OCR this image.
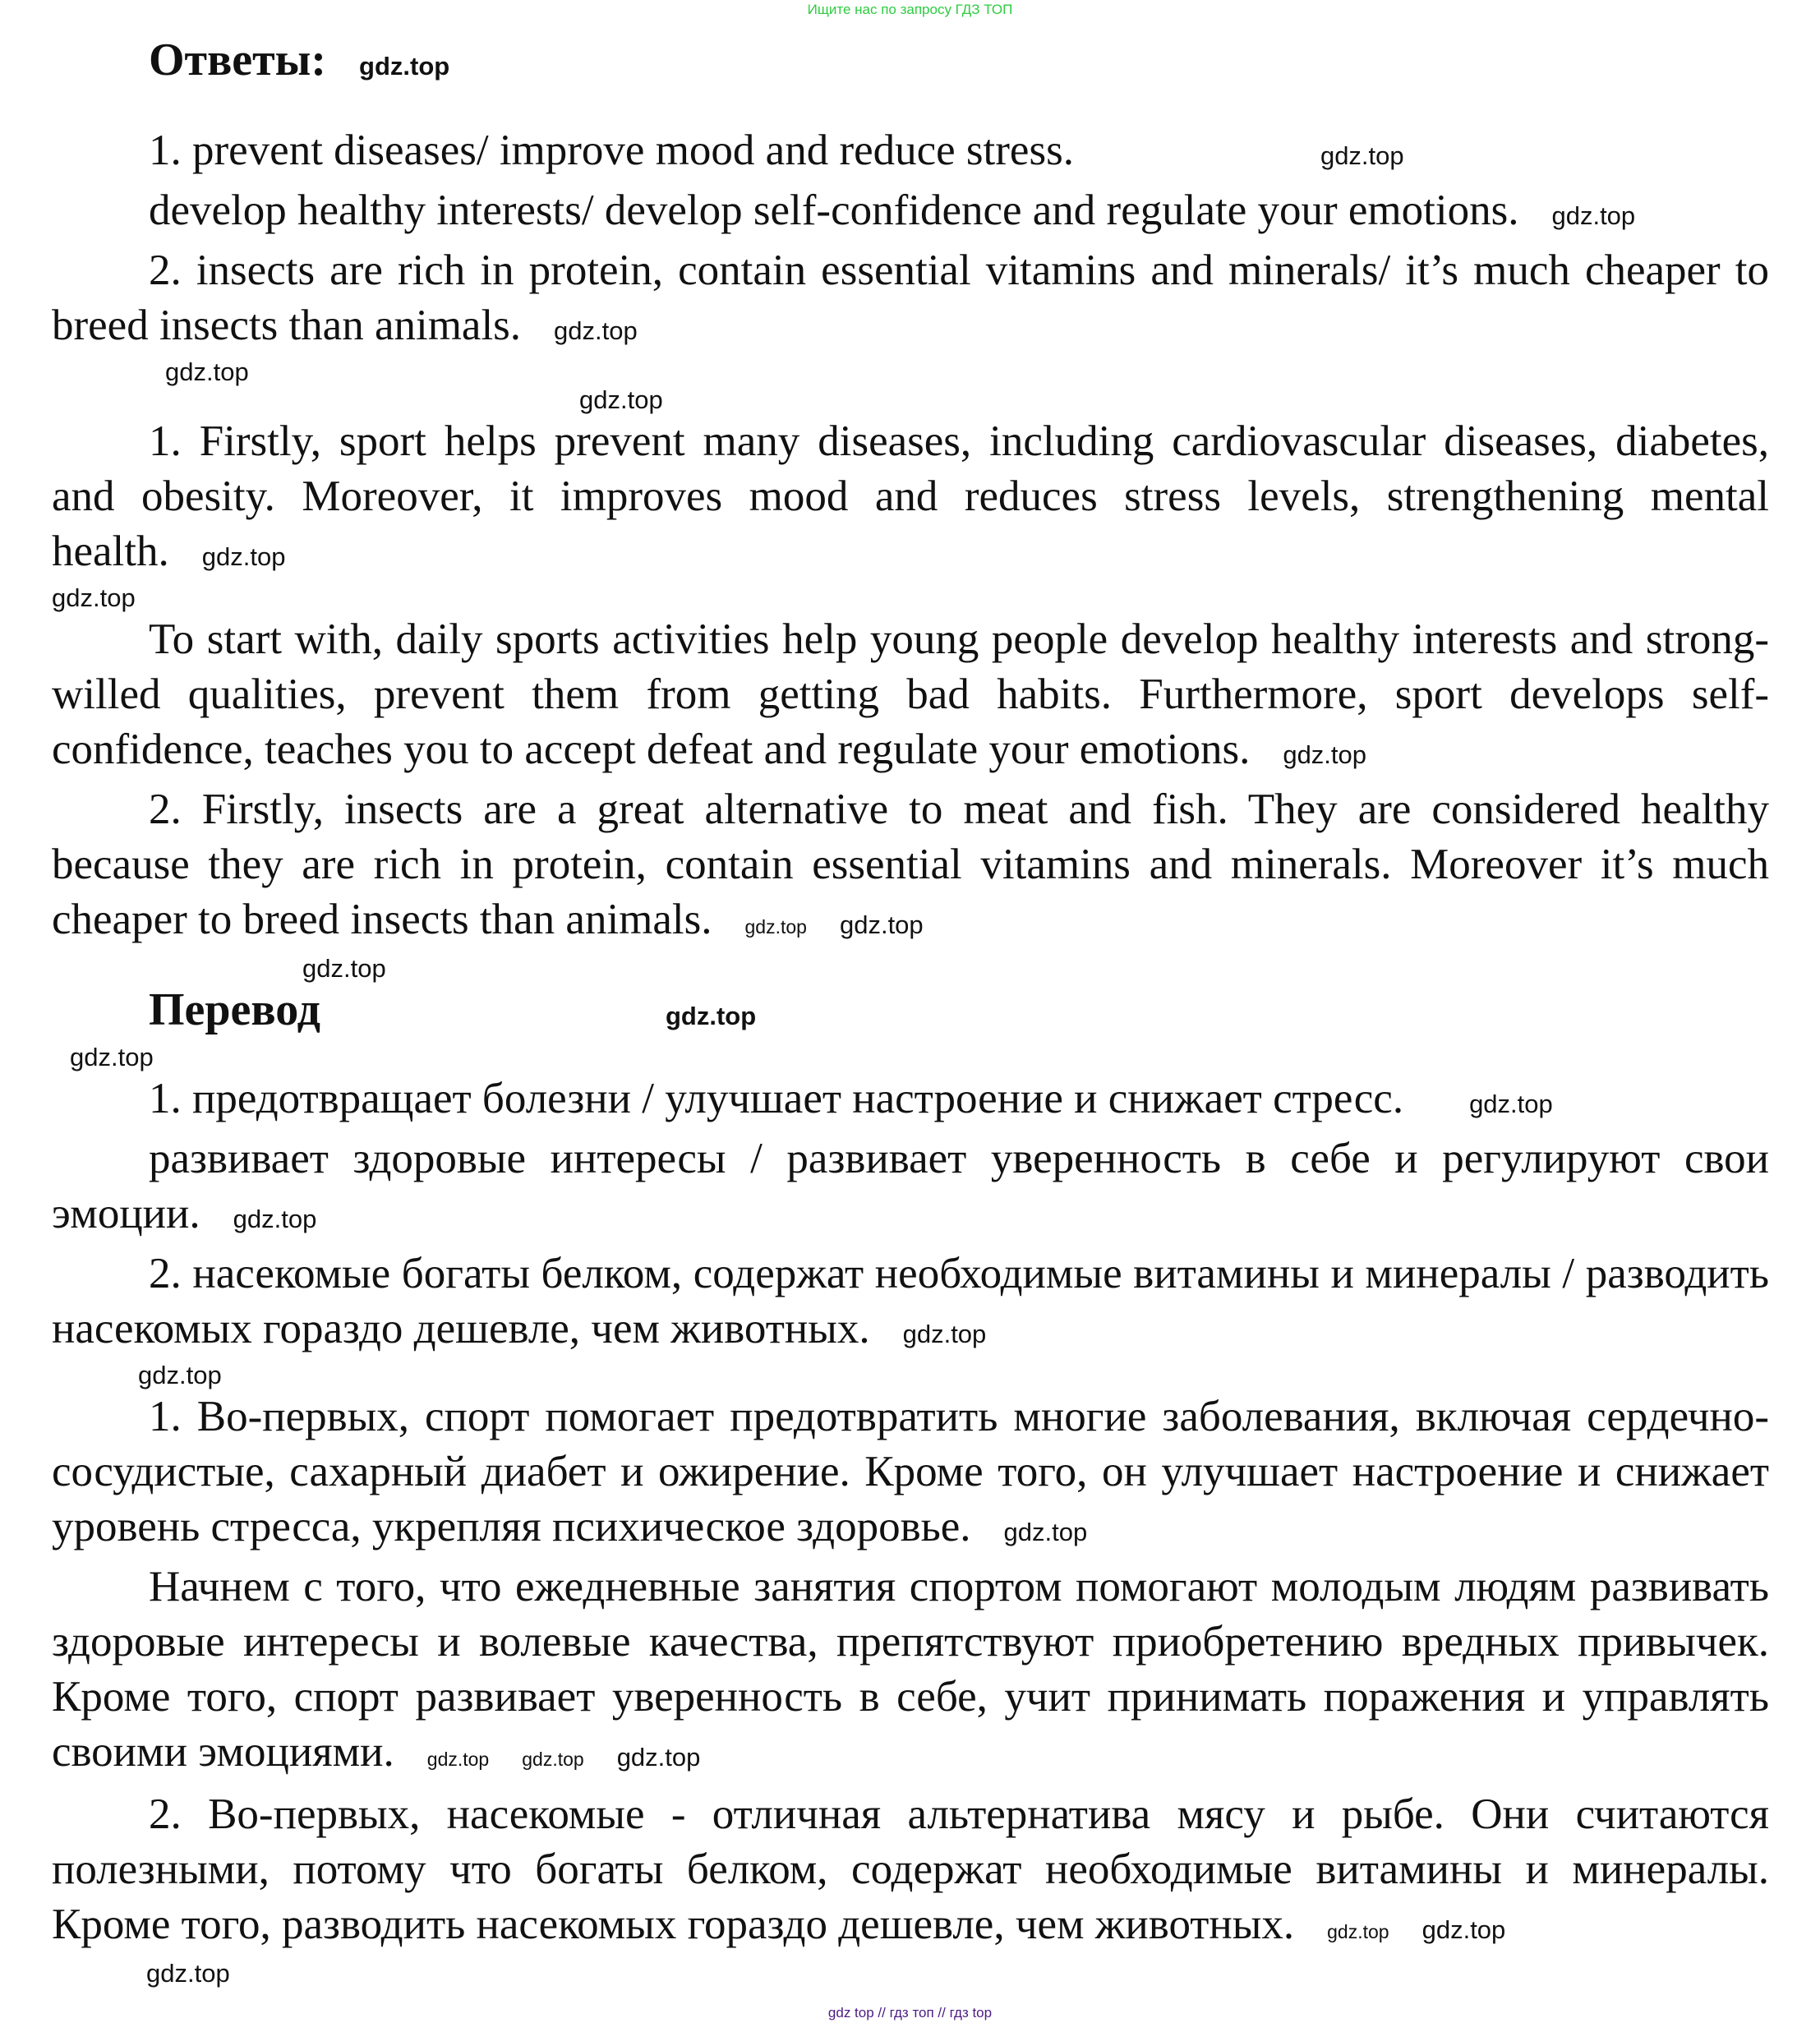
Ищите нас по запросу ГДЗ ТОП
Ответы: gdz.top

1. prevent diseases/ improve mood and reduce stress.	gdz.top

develop healthy interests/ develop self-confidence and regulate your emotions. gdz.top

2. insects are rich in protein, contain essential vitamins and minerals/ it’s much cheaper to breed insects than animals. gdz.top

gdz.top
gdz.top

1. Firstly, sport helps prevent many diseases, including cardiovascular diseases, diabetes, and obesity. Moreover, it improves mood and reduces stress levels, strengthening mental health. gdz.top

gdz.top

To start with, daily sports activities help young people develop healthy interests and strong-willed qualities, prevent them from getting bad habits. Furthermore, sport develops self-confidence, teaches you to accept defeat and regulate your emotions. gdz.top

2. Firstly, insects are a great alternative to meat and fish. They are considered healthy because they are rich in protein, contain essential vitamins and minerals. Moreover it’s much cheaper to breed insects than animals. gdz.top gdz.top

gdz.top
Перевод	gdz.top
gdz.top

1. предотвращает болезни / улучшает настроение и снижает стресс.	gdz.top

развивает здоровые интересы / развивает уверенность в себе и регулируют свои эмоции. gdz.top

2. насекомые богаты белком, содержат необходимые витамины и минералы / разводить насекомых гораздо дешевле, чем животных. gdz.top

gdz.top

1. Во-первых, спорт помогает предотвратить многие заболевания, включая сердечно-сосудистые, сахарный диабет и ожирение. Кроме того, он улучшает настроение и снижает уровень стресса, укрепляя психическое здоровье. gdz.top

Начнем с того, что ежедневные занятия спортом помогают молодым людям развивать здоровые интересы и волевые качества, препятствуют приобретению вредных привычек. Кроме того, спорт развивает уверенность в себе, учит принимать поражения и управлять своими эмоциями. gdz.top gdz.top gdz.top

2. Во-первых, насекомые - отличная альтернатива мясу и рыбе. Они считаются полезными, потому что богаты белком, содержат необходимые витамины и минералы. Кроме того, разводить насекомых гораздо дешевле, чем животных. gdz.top gdz.top

gdz.top
gdz top // гдз топ // гдз top
